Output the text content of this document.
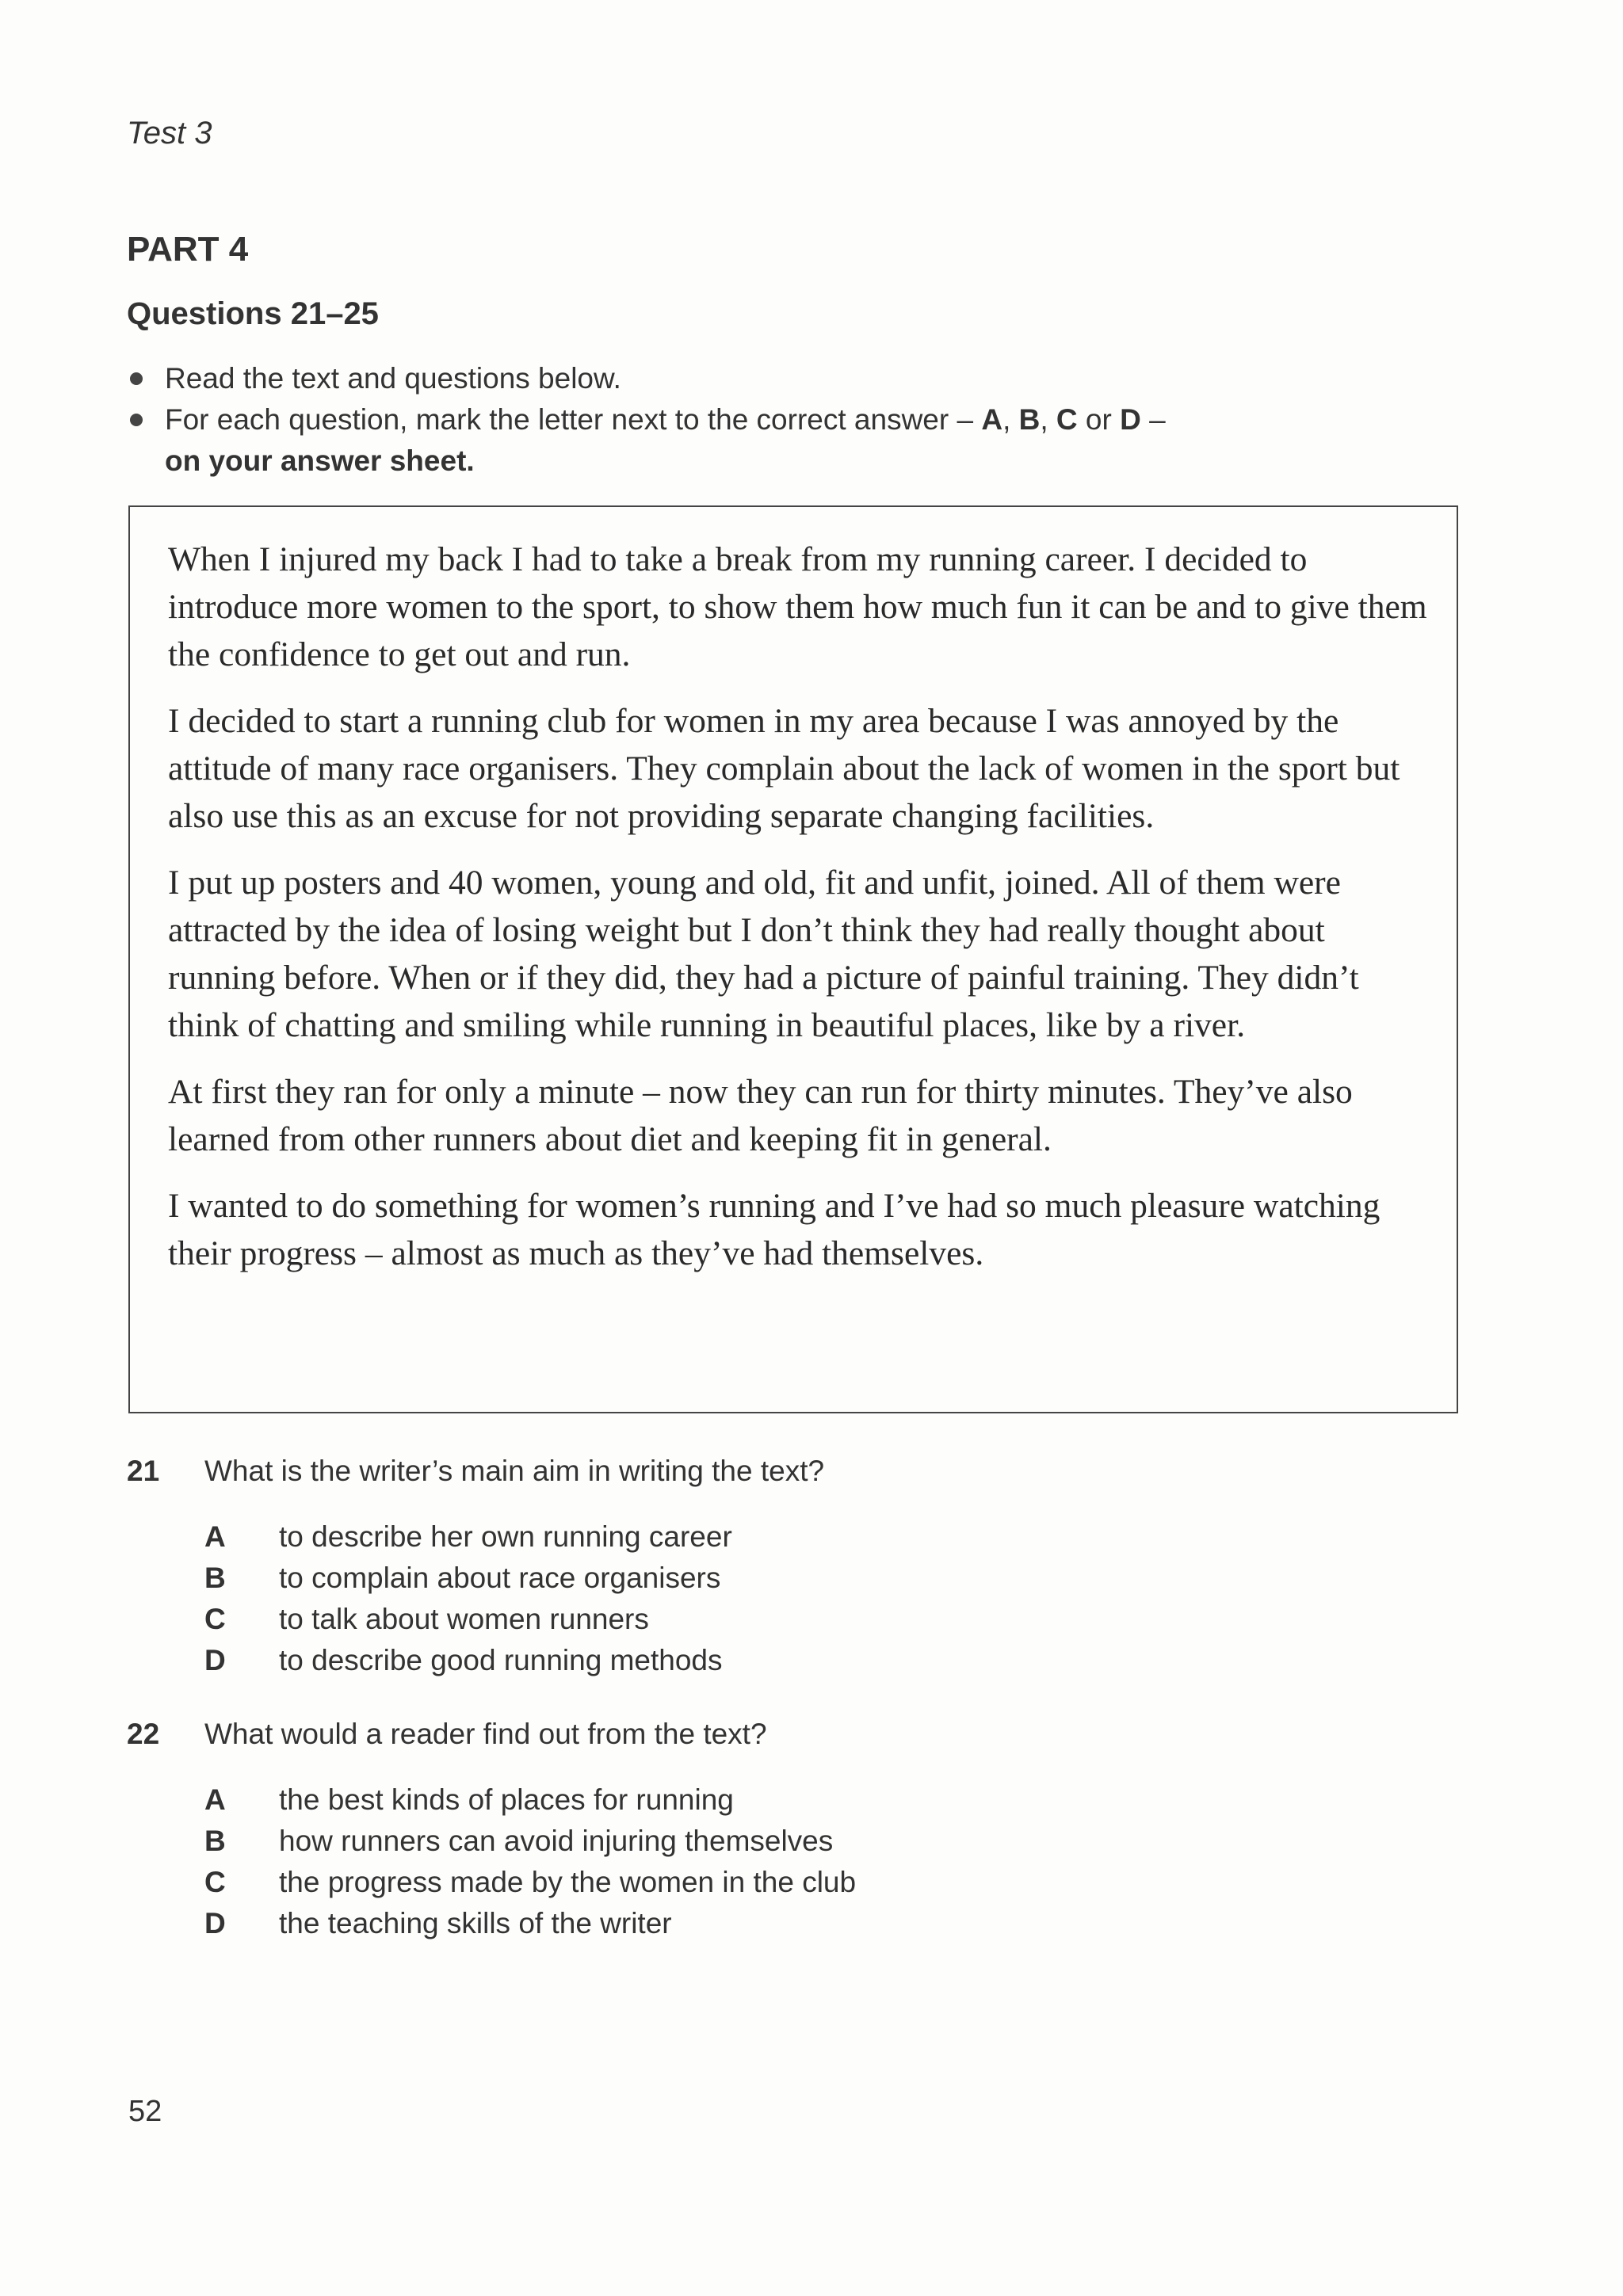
Test 3
PART 4
Questions 21–25
Read the text and questions below.
For each question, mark the letter next to the correct answer – A, B, C or D –
on your answer sheet.

When I injured my back I had to take a break from my running career. I decided to introduce more women to the sport, to show them how much fun it can be and to give them the confidence to get out and run.

I decided to start a running club for women in my area because I was annoyed by the attitude of many race organisers. They complain about the lack of women in the sport but also use this as an excuse for not providing separate changing facilities.

I put up posters and 40 women, young and old, fit and unfit, joined. All of them were attracted by the idea of losing weight but I don’t think they had really thought about running before. When or if they did, they had a picture of painful training. They didn’t think of chatting and smiling while running in beautiful places, like by a river.

At first they ran for only a minute – now they can run for thirty minutes. They’ve also learned from other runners about diet and keeping fit in general.

I wanted to do something for women’s running and I’ve had so much pleasure watching their progress – almost as much as they’ve had themselves.

21 What is the writer’s main aim in writing the text?
A to describe her own running career
B to complain about race organisers
C to talk about women runners
D to describe good running methods
22 What would a reader find out from the text?
A the best kinds of places for running
B how runners can avoid injuring themselves
C the progress made by the women in the club
D the teaching skills of the writer
52
